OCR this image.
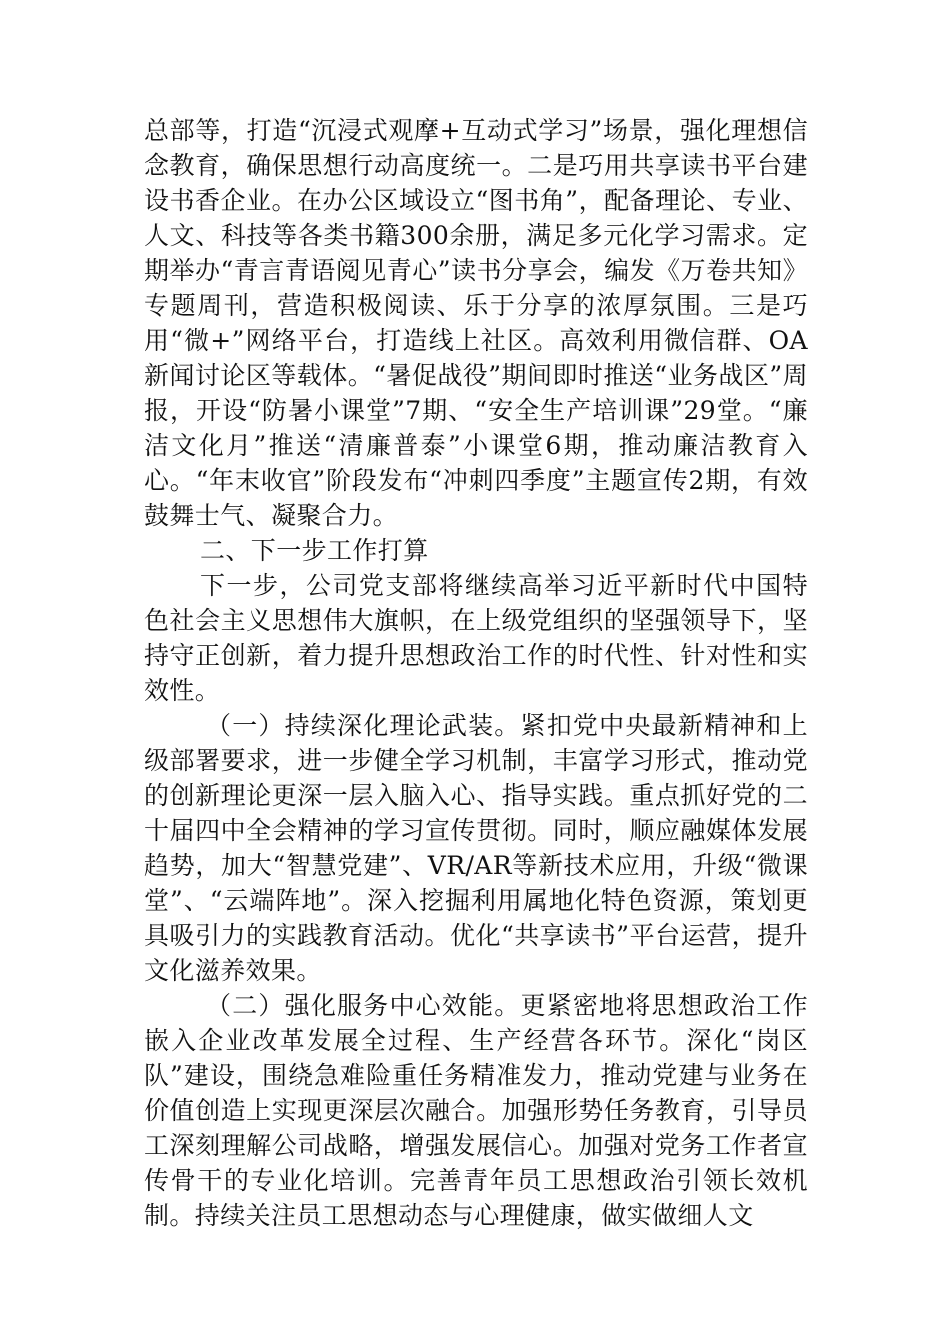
总部等，打造“沉浸式观摩+互动式学习”场景，强化理想信念教育，确保思想行动高度统一。二是巧用共享读书平台建设书香企业。在办公区域设立“图书角”，配备理论、专业、人文、科技等各类书籍300余册，满足多元化学习需求。定期举办“青言青语阅见青心”读书分享会，编发《万卷共知》专题周刊，营造积极阅读、乐于分享的浓厚氛围。三是巧用“微+”网络平台，打造线上社区。高效利用微信群、OA新闻讨论区等载体。“暑促战役”期间即时推送“业务战区”周报，开设“防暑小课堂”7期、“安全生产培训课”29堂。“廉洁文化月”推送“清廉普泰”小课堂6期，推动廉洁教育入心。“年末收官”阶段发布“冲刺四季度”主题宣传2期，有效鼓舞士气、凝聚合力。

二、下一步工作打算

下一步，公司党支部将继续高举习近平新时代中国特色社会主义思想伟大旗帜，在上级党组织的坚强领导下，坚持守正创新，着力提升思想政治工作的时代性、针对性和实效性。

（一）持续深化理论武装。紧扣党中央最新精神和上级部署要求，进一步健全学习机制，丰富学习形式，推动党的创新理论更深一层入脑入心、指导实践。重点抓好党的二十届四中全会精神的学习宣传贯彻。同时，顺应融媒体发展趋势，加大“智慧党建”、VR/AR等新技术应用，升级“微课堂”、“云端阵地”。深入挖掘利用属地化特色资源，策划更具吸引力的实践教育活动。优化“共享读书”平台运营，提升文化滋养效果。

（二）强化服务中心效能。更紧密地将思想政治工作嵌入企业改革发展全过程、生产经营各环节。深化“岗区队”建设，围绕急难险重任务精准发力，推动党建与业务在价值创造上实现更深层次融合。加强形势任务教育，引导员工深刻理解公司战略，增强发展信心。加强对党务工作者宣传骨干的专业化培训。完善青年员工思想政治引领长效机制。持续关注员工思想动态与心理健康，做实做细人文
